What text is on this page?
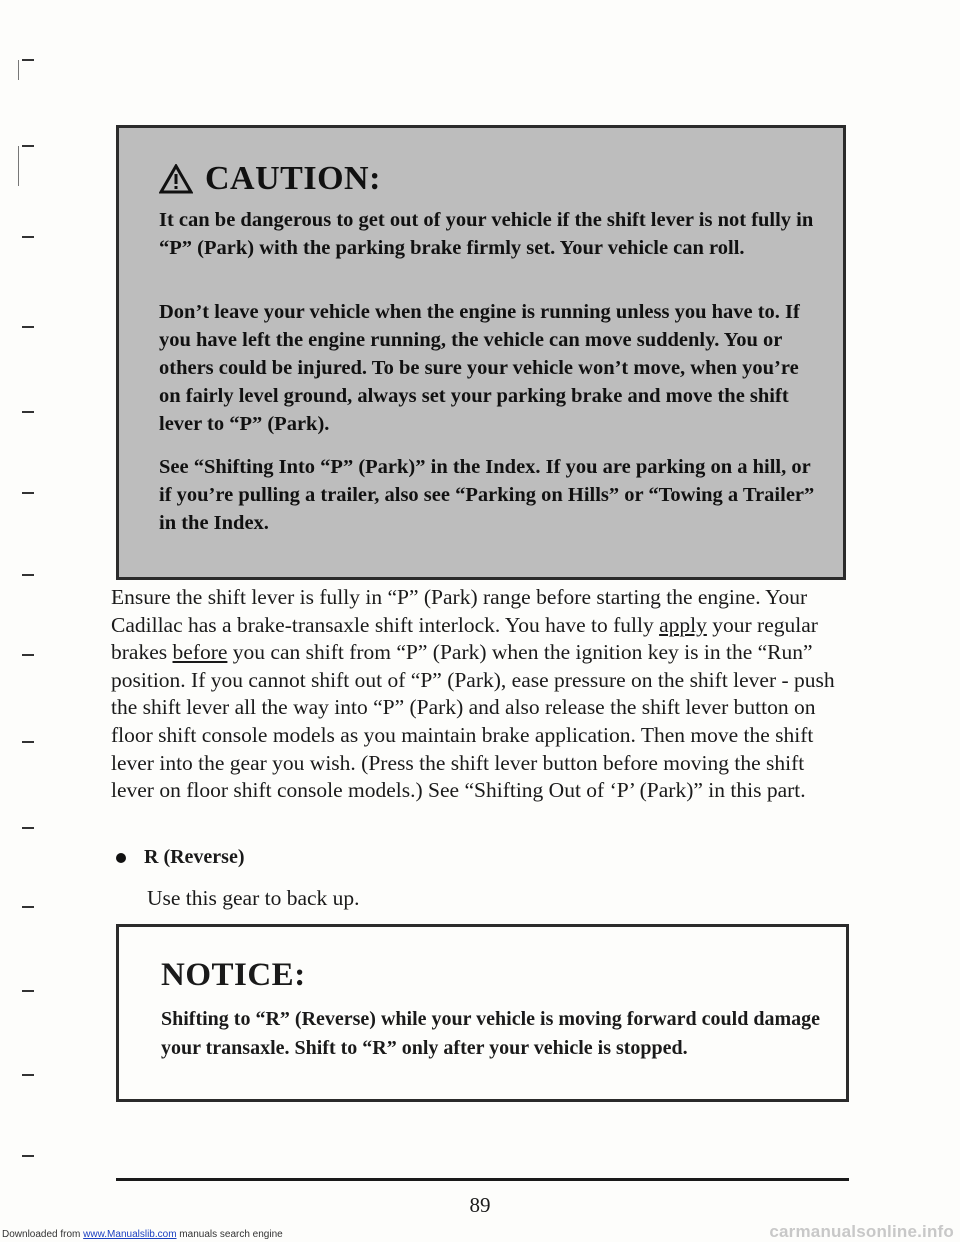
CAUTION:

It can be dangerous to get out of your vehicle if the shift lever is not fully in “P” (Park) with the parking brake firmly set. Your vehicle can roll.

Don’t leave your vehicle when the engine is running unless you have to. If you have left the engine running, the vehicle can move suddenly. You or others could be injured. To be sure your vehicle won’t move, when you’re on fairly level ground, always set your parking brake and move the shift lever to “P” (Park).

See “Shifting Into “P” (Park)” in the Index. If you are parking on a hill, or if you’re pulling a trailer, also see “Parking on Hills” or “Towing a Trailer” in the Index.

Ensure the shift lever is fully in “P” (Park) range before starting the engine. Your Cadillac has a brake-transaxle shift interlock. You have to fully apply your regular brakes before you can shift from “P” (Park) when the ignition key is in the “Run” position. If you cannot shift out of “P” (Park), ease pressure on the shift lever - push the shift lever all the way into “P” (Park) and also release the shift lever button on floor shift console models as you maintain brake application. Then move the shift lever into the gear you wish. (Press the shift lever button before moving the shift lever on floor shift console models.) See “Shifting Out of ‘P’ (Park)” in this part.

R (Reverse)

Use this gear to back up.

NOTICE:

Shifting to “R” (Reverse) while your vehicle is moving forward could damage your transaxle. Shift to “R” only after your vehicle is stopped.

89

Downloaded from www.Manualslib.com manuals search engine	carmanualsonline.info
